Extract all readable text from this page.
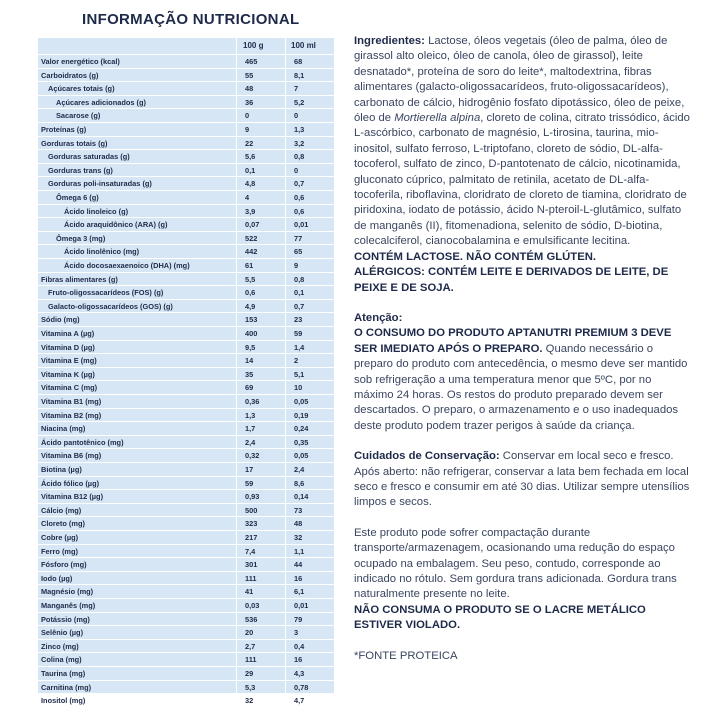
INFORMAÇÃO NUTRICIONAL
100 g	100 ml
Valor energético (kcal)	465	68
Carboidratos (g)	55	8,1
Açúcares totais (g)	48	7
Açúcares adicionados (g)	36	5,2
Sacarose (g)	0	0
Proteínas (g)	9	1,3
Gorduras totais (g)	22	3,2
Gorduras saturadas (g)	5,6	0,8
Gorduras trans (g)	0,1	0
Gorduras poli-insaturadas (g)	4,8	0,7
Ômega 6 (g)	4	0,6
Ácido linoleico (g)	3,9	0,6
Ácido araquidônico (ARA) (g)	0,07	0,01
Ômega 3 (mg)	522	77
Ácido linolênico (mg)	442	65
Ácido docosaexaenoico (DHA) (mg)	61	9
Fibras alimentares (g)	5,5	0,8
Fruto-oligossacarídeos (FOS) (g)	0,6	0,1
Galacto-oligossacarídeos (GOS) (g)	4,9	0,7
Sódio (mg)	153	23
Vitamina A (µg)	400	59
Vitamina D (µg)	9,5	1,4
Vitamina E (mg)	14	2
Vitamina K (µg)	35	5,1
Vitamina C (mg)	69	10
Vitamina B1 (mg)	0,36	0,05
Vitamina B2 (mg)	1,3	0,19
Niacina (mg)	1,7	0,24
Ácido pantotênico (mg)	2,4	0,35
Vitamina B6 (mg)	0,32	0,05
Biotina (µg)	17	2,4
Ácido fólico (µg)	59	8,6
Vitamina B12 (µg)	0,93	0,14
Cálcio (mg)	500	73
Cloreto (mg)	323	48
Cobre (µg)	217	32
Ferro (mg)	7,4	1,1
Fósforo (mg)	301	44
Iodo (µg)	111	16
Magnésio (mg)	41	6,1
Manganês (mg)	0,03	0,01
Potássio (mg)	536	79
Selênio (µg)	20	3
Zinco (mg)	2,7	0,4
Colina (mg)	111	16
Taurina (mg)	29	4,3
Carnitina (mg)	5,3	0,78
Inositol (mg)	32	4,7

Ingredientes: Lactose, óleos vegetais (óleo de palma, óleo de girassol alto oleico, óleo de canola, óleo de girassol), leite desnatado*, proteína de soro do leite*, maltodextrina, fibras alimentares (galacto-oligossacarídeos, fruto-oligossacarídeos), carbonato de cálcio, hidrogênio fosfato dipotássico, óleo de peixe, óleo de Mortierella alpina, cloreto de colina, citrato trissódico, ácido L-ascórbico, carbonato de magnésio, L-tirosina, taurina, mio-inositol, sulfato ferroso, L-triptofano, cloreto de sódio, DL-alfa-tocoferol, sulfato de zinco, D-pantotenato de cálcio, nicotinamida, gluconato cúprico, palmitato de retinila, acetato de DL-alfa-tocoferila, riboflavina, cloridrato de cloreto de tiamina, cloridrato de piridoxina, iodato de potássio, ácido N-pteroil-L-glutâmico, sulfato de manganês (II), fitomenadiona, selenito de sódio, D-biotina, colecalciferol, cianocobalamina e emulsificante lecitina.

CONTÉM LACTOSE. NÃO CONTÉM GLÚTEN.

ALÉRGICOS: CONTÉM LEITE E DERIVADOS DE LEITE, DE PEIXE E DE SOJA.

Atenção:

O CONSUMO DO PRODUTO APTANUTRI PREMIUM 3 DEVE SER IMEDIATO APÓS O PREPARO. Quando necessário o preparo do produto com antecedência, o mesmo deve ser mantido sob refrigeração a uma temperatura menor que 5ºC, por no máximo 24 horas. Os restos do produto preparado devem ser descartados. O preparo, o armazenamento e o uso inadequados deste produto podem trazer perigos à saúde da criança.

Cuidados de Conservação: Conservar em local seco e fresco. Após aberto: não refrigerar, conservar a lata bem fechada em local seco e fresco e consumir em até 30 dias. Utilizar sempre utensílios limpos e secos.

Este produto pode sofrer compactação durante transporte/armazenagem, ocasionando uma redução do espaço ocupado na embalagem. Seu peso, contudo, corresponde ao indicado no rótulo. Sem gordura trans adicionada. Gordura trans naturalmente presente no leite.

NÃO CONSUMA O PRODUTO SE O LACRE METÁLICO ESTIVER VIOLADO.

*FONTE PROTEICA
